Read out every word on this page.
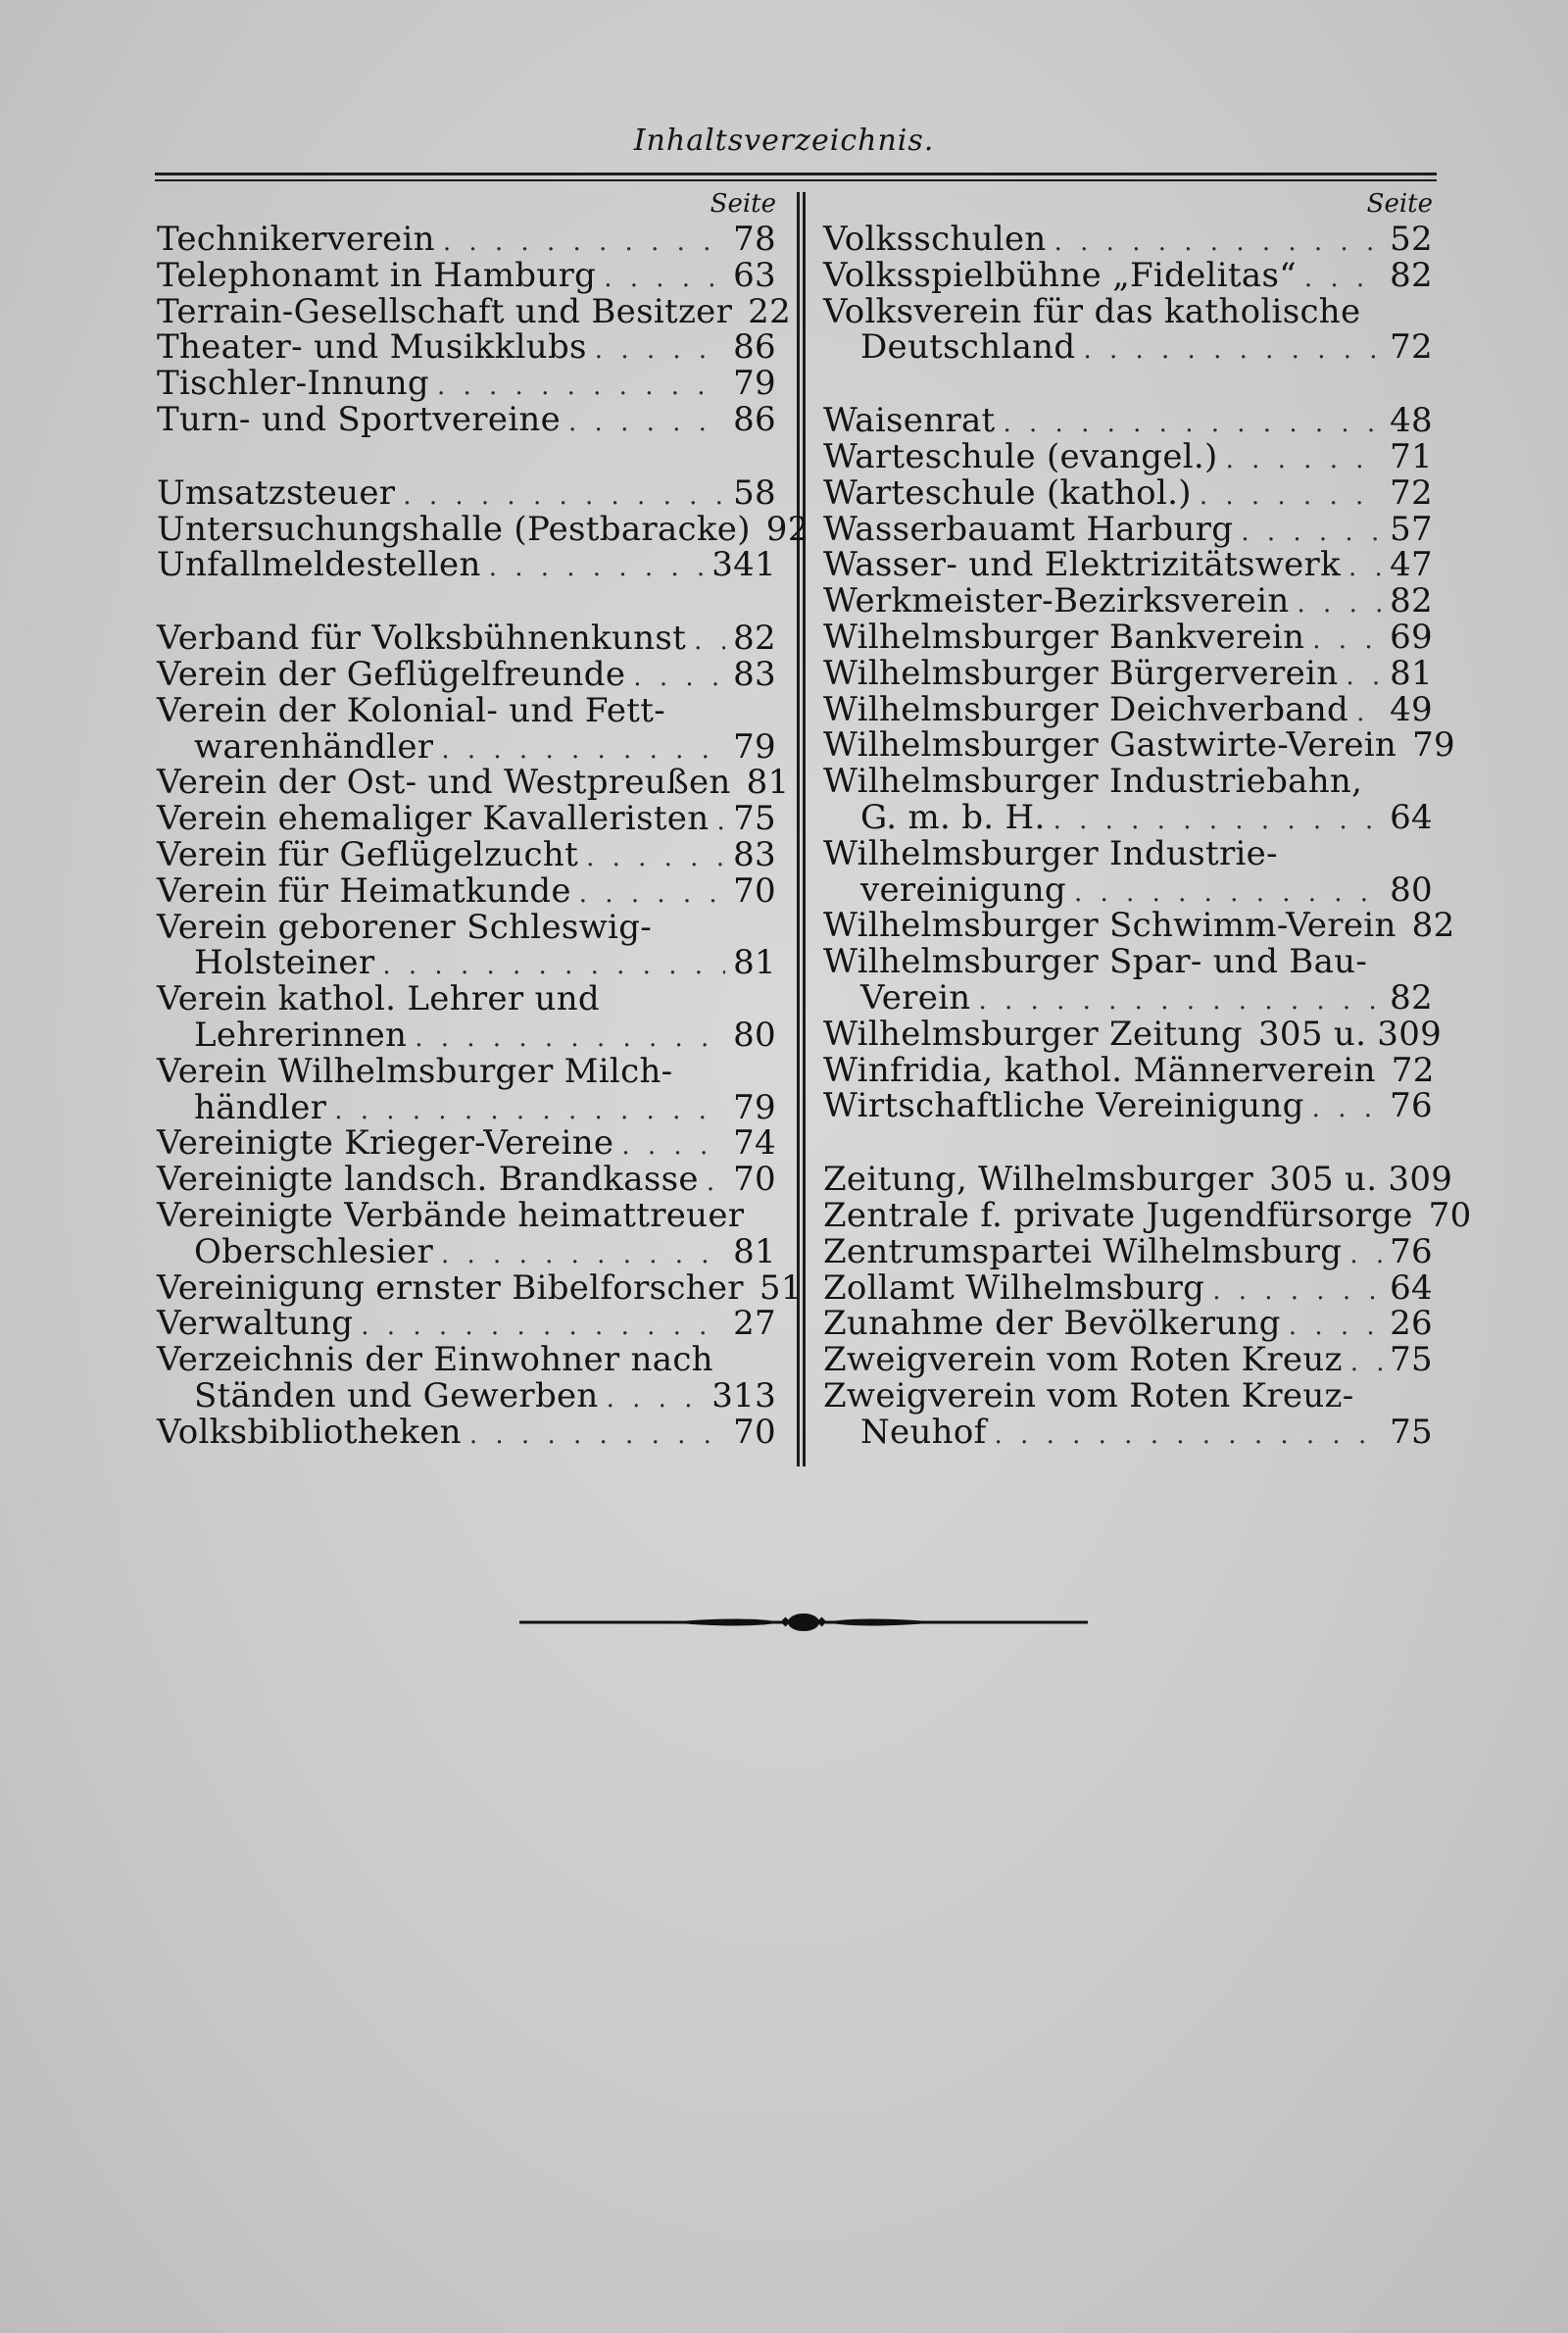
Inhaltsverzeichnis.
Seite
Technikerverein . . .	78
Telephonamt in Hamburg . . .	63
Terrain-Gesellschaft und Besitzer 22
Theater- und Musikklubs . . .	86
Tischler-Innung . . .	79
Turn- und Sportvereine . . .	86
Umsatzsteuer . . .	58
Untersuchungshalle (Pestbaracke) 92
Unfallmeldestellen . . .	341
Verband für Volksbühnenkunst . . . 82
Verein der Geflügelfreunde . . .	83
Verein der Kolonial- und Fett-
warenhändler . . .	79
Verein der Ost- und Westpreußen 81
Verein ehemaliger Kavalleristen . . . 75
Verein für Geflügelzucht . . .	83
Verein für Heimatkunde . . .	70
Verein geborener Schleswig-
Holsteiner . . .	81
Verein kathol. Lehrer und
Lehrerinnen . . .	80
Verein Wilhelmsburger Milch-
händler . . .	79
Vereinigte Krieger-Vereine . . .	74
Vereinigte landsch. Brandkasse . . . 70
Vereinigte Verbände heimattreuer
Oberschlesier . . .	81
Vereinigung ernster Bibelforscher 51
Verwaltung . . .	27
Verzeichnis der Einwohner nach
Ständen und Gewerben . . .	313
Volksbibliotheken . . .	70
Seite
Volksschulen . . .	52
Volksspielbühne „Fidelitas“ . . .	82
Volksverein für das katholische
Deutschland . . .	72
Waisenrat . . .	48
Warteschule (evangel.) . . .	71
Warteschule (kathol.) . . .	72
Wasserbauamt Harburg . . .	57
Wasser- und Elektrizitätswerk . . . 47
Werkmeister-Bezirksverein . . .	82
Wilhelmsburger Bankverein . . .	69
Wilhelmsburger Bürgerverein . . . 81
Wilhelmsburger Deichverband . . . 49
Wilhelmsburger Gastwirte-Verein 79
Wilhelmsburger Industriebahn,
G. m. b. H. . . .	64
Wilhelmsburger Industrie-
vereinigung . . .	80
Wilhelmsburger Schwimm-Verein 82
Wilhelmsburger Spar- und Bau-
Verein . . .	82
Wilhelmsburger Zeitung 305 u. 309
Winfridia, kathol. Männerverein 72
Wirtschaftliche Vereinigung . . .	76
Zeitung, Wilhelmsburger 305 u. 309
Zentrale f. private Jugendfürsorge 70
Zentrumspartei Wilhelmsburg . . . 76
Zollamt Wilhelmsburg . . .	64
Zunahme der Bevölkerung . . .	26
Zweigverein vom Roten Kreuz . . . 75
Zweigverein vom Roten Kreuz-
Neuhof . . .	75
